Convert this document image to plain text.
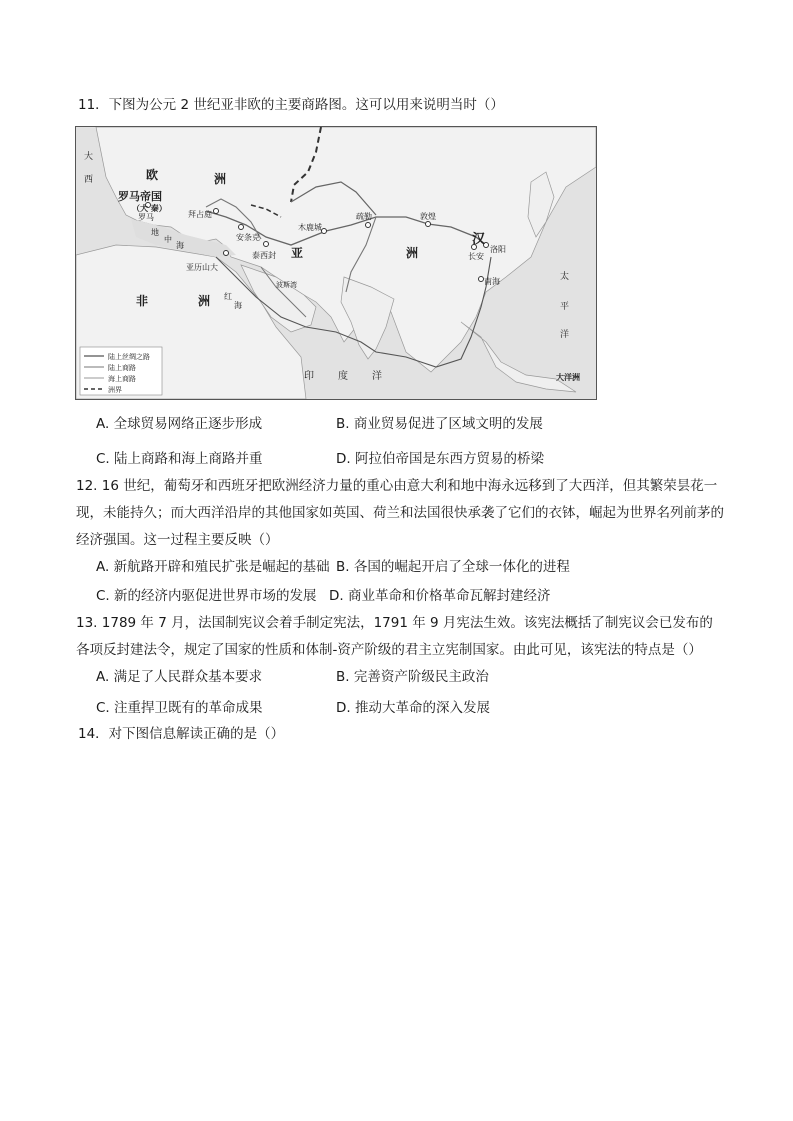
11．下图为公元 2 世纪亚非欧的主要商路图。这可以用来说明当时（）
欧	洲
亚	洲
非	洲
汉
罗马帝国
（大 秦）
拜占庭
罗马
安条克
亚历山大
泰西封
木鹿城
疏勒	敦煌
长安
洛阳
南海
大
西
地
中
海
红
海
波斯湾
印 度 洋
太
平
洋
大洋洲
陆上丝绸之路
陆上商路
海上商路
洲界
A. 全球贸易网络正逐步形成	B. 商业贸易促进了区域文明的发展
C. 陆上商路和海上商路并重	D. 阿拉伯帝国是东西方贸易的桥梁
12. 16 世纪，葡萄牙和西班牙把欧洲经济力量的重心由意大利和地中海永远移到了大西洋，但其繁荣昙花一现，未能持久；而大西洋沿岸的其他国家如英国、荷兰和法国很快承袭了它们的衣钵，崛起为世界名列前茅的经济强国。这一过程主要反映（）
A. 新航路开辟和殖民扩张是崛起的基础 B. 各国的崛起开启了全球一体化的进程
C. 新的经济内驱促进世界市场的发展 D. 商业革命和价格革命瓦解封建经济
13. 1789 年 7 月，法国制宪议会着手制定宪法，1791 年 9 月宪法生效。该宪法概括了制宪议会已发布的各项反封建法令，规定了国家的性质和体制-资产阶级的君主立宪制国家。由此可见，该宪法的特点是（）
A. 满足了人民群众基本要求	B. 完善资产阶级民主政治
C. 注重捍卫既有的革命成果	D. 推动大革命的深入发展
14．对下图信息解读正确的是（）
